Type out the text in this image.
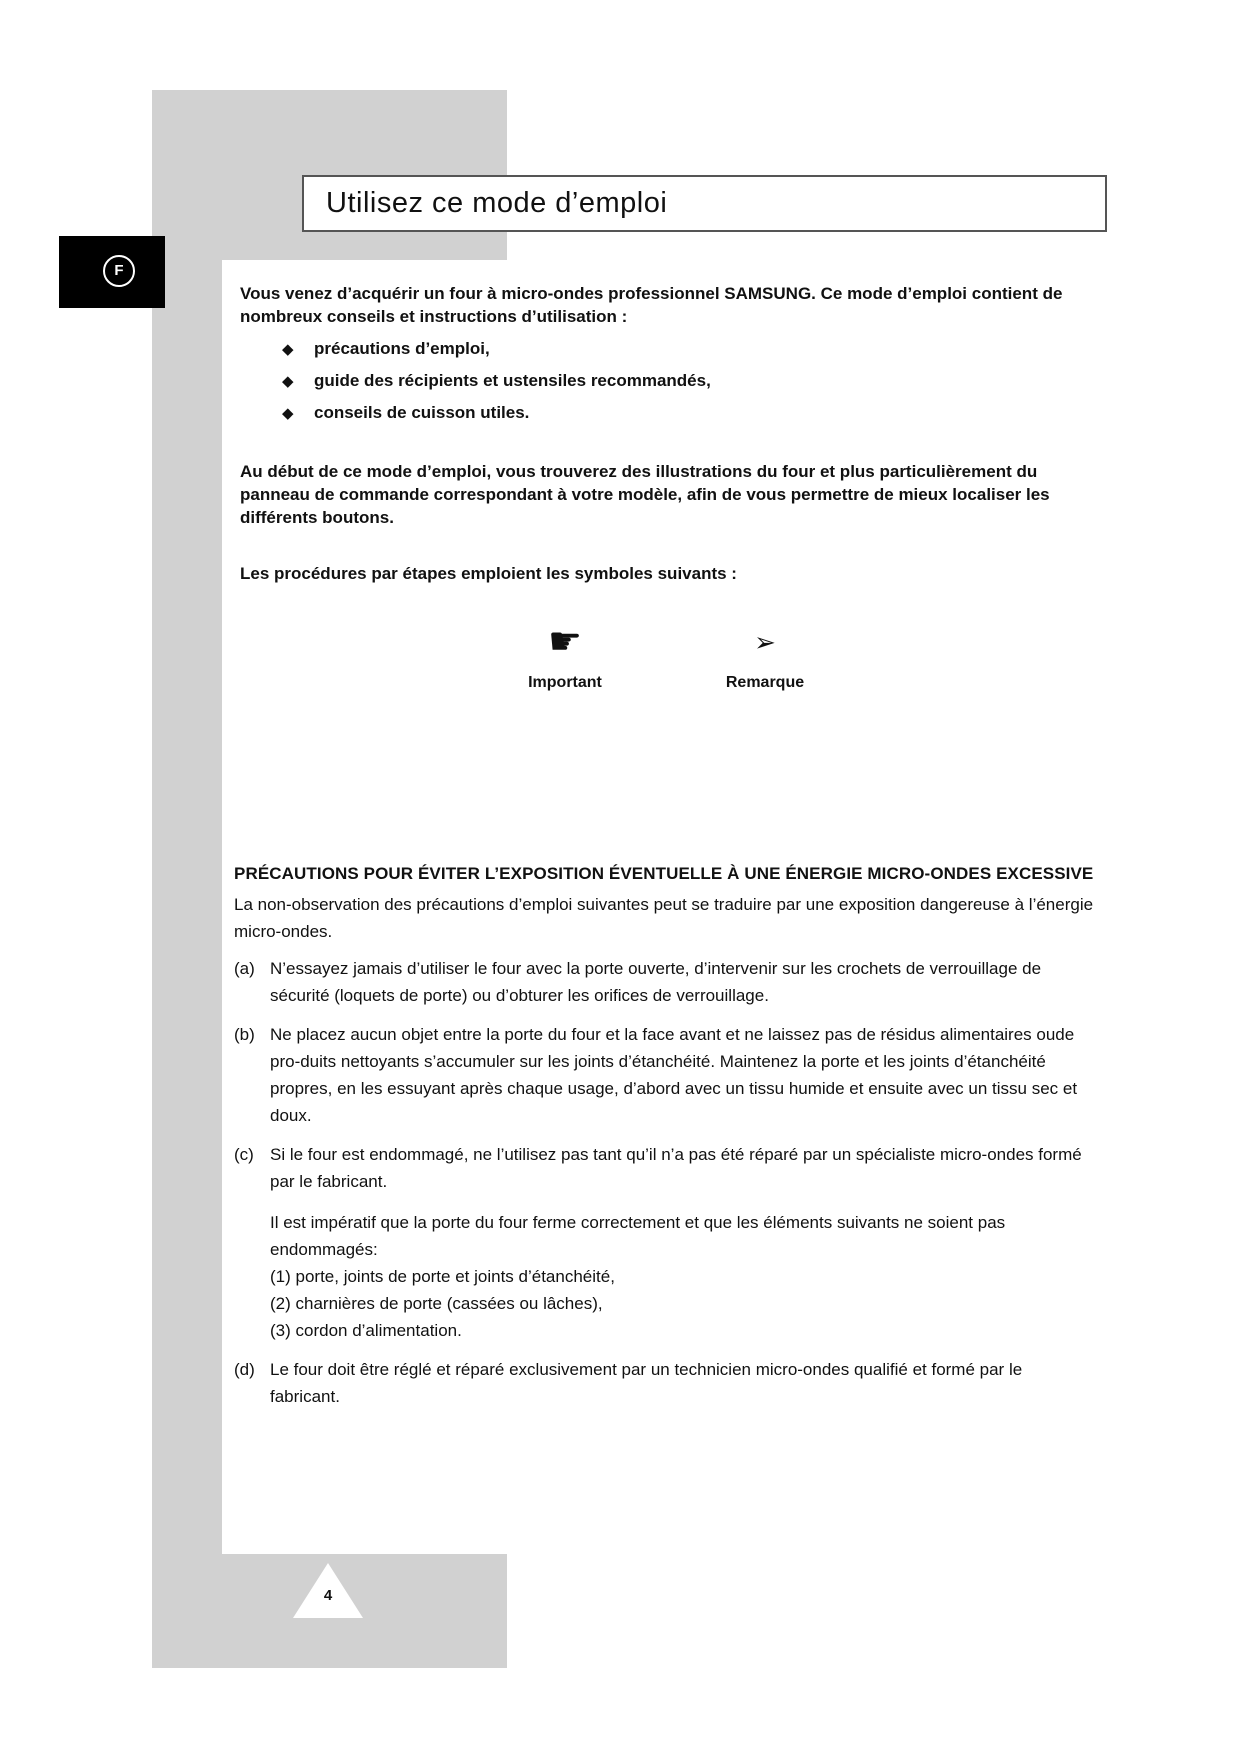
F
Utilisez ce mode d’emploi
Vous venez d’acquérir un four à micro-ondes professionnel SAMSUNG. Ce mode d’emploi contient de nombreux conseils et instructions d’utilisation :
◆	précautions d’emploi,
◆	guide des récipients et ustensiles recommandés,
◆	conseils de cuisson utiles.
Au début de ce mode d’emploi, vous trouverez des illustrations du four et plus particulièrement du panneau de commande correspondant à votre modèle, afin de vous permettre de mieux localiser les différents boutons.
Les procédures par étapes emploient les symboles suivants :
☛
Important
➢
Remarque
PRÉCAUTIONS POUR ÉVITER L’EXPOSITION ÉVENTUELLE À UNE ÉNERGIE MICRO-ONDES EXCESSIVE
La non-observation des précautions d’emploi suivantes peut se traduire par une exposition dangereuse à l’énergie micro-ondes.
(a) N’essayez jamais d’utiliser le four avec la porte ouverte, d’intervenir sur les crochets de verrouillage de sécurité (loquets de porte) ou d’obturer les orifices de verrouillage.

(b) Ne placez aucun objet entre la porte du four et la face avant et ne laissez pas de résidus alimentaires oude pro-duits nettoyants s’accumuler sur les joints d’étanchéité. Maintenez la porte et les joints d’étanchéité propres, en les essuyant après chaque usage, d’abord avec un tissu humide et ensuite avec un tissu sec et doux.

(c) Si le four est endommagé, ne l’utilisez pas tant qu’il n’a pas été réparé par un spécialiste micro-ondes formé par le fabricant.

Il est impératif que la porte du four ferme correctement et que les éléments suivants ne soient pas endommagés:

(1) porte, joints de porte et joints d’étanchéité,

(2) charnières de porte (cassées ou lâches),

(3) cordon d’alimentation.

(d) Le four doit être réglé et réparé exclusivement par un technicien micro-ondes qualifié et formé par le fabricant.

4
